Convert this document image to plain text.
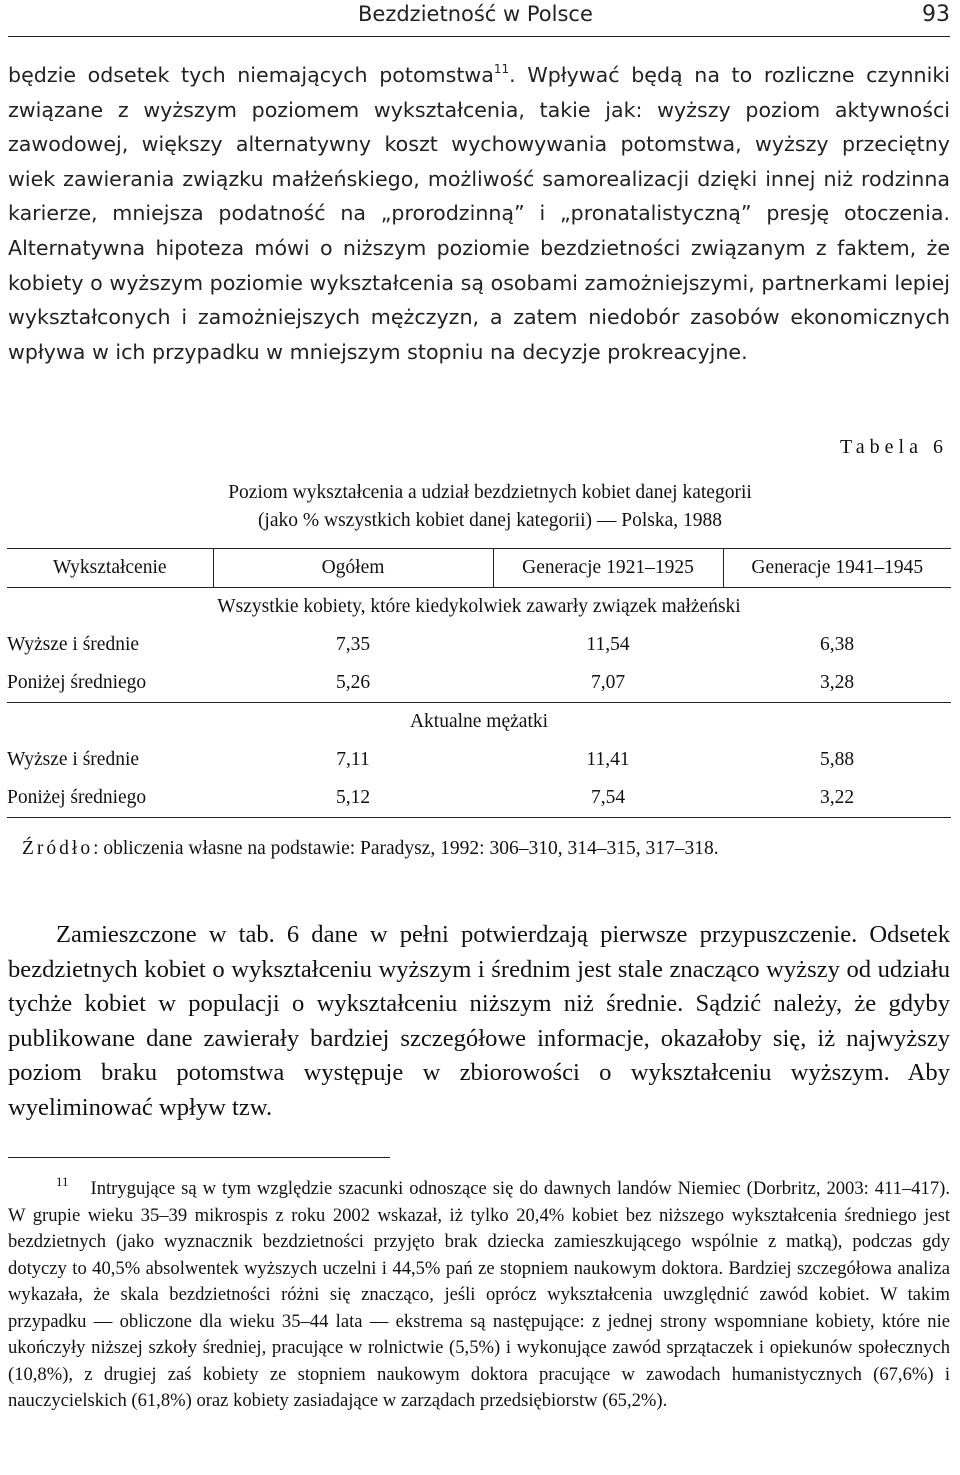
Bezdzietność w Polsce	93
będzie odsetek tych niemających potomstwa$^{11}$. Wpływać będą na to rozliczne czynniki związane z wyższym poziomem wykształcenia, takie jak: wyższy poziom aktywności zawodowej, większy alternatywny koszt wychowywania potomstwa, wyższy przeciętny wiek zawierania związku małżeńskiego, możliwość samorealizacji dzięki innej niż rodzinna karierze, mniejsza podatność na „prorodzinną” i „pronatalistyczną” presję otoczenia. Alternatywna hipoteza mówi o niższym poziomie bezdzietności związanym z faktem, że kobiety o wyższym poziomie wykształcenia są osobami zamożniejszymi, partnerkami lepiej wykształconych i zamożniejszych mężczyzn, a zatem niedobór zasobów ekonomicznych wpływa w ich przypadku w mniejszym stopniu na decyzje prokreacyjne.
Tabela 6
Poziom wykształcenia a udział bezdzietnych kobiet danej kategorii
(jako % wszystkich kobiet danej kategorii) — Polska, 1988
Wykształcenie	Ogółem	Generacje 1921–1925	Generacje 1941–1945
Wszystkie kobiety, które kiedykolwiek zawarły związek małżeński			
Wyższe i średnie	7,35	11,54	6,38
Poniżej średniego	5,26	7,07	3,28
Aktualne mężatki			
Wyższe i średnie	7,11	11,41	5,88
Poniżej średniego	5,12	7,54	3,22
Źródło: obliczenia własne na podstawie: Paradysz, 1992: 306–310, 314–315, 317–318.
Zamieszczone w tab. 6 dane w pełni potwierdzają pierwsze przypuszczenie. Odsetek bezdzietnych kobiet o wykształceniu wyższym i średnim jest stale znacząco wyższy od udziału tychże kobiet w populacji o wykształceniu niższym niż średnie. Sądzić należy, że gdyby publikowane dane zawierały bardziej szczegółowe informacje, okazałoby się, iż najwyższy poziom braku potomstwa występuje w zbiorowości o wykształceniu wyższym. Aby wyeliminować wpływ tzw.
11 Intrygujące są w tym względzie szacunki odnoszące się do dawnych landów Niemiec (Dorbritz, 2003: 411–417). W grupie wieku 35–39 mikrospis z roku 2002 wskazał, iż tylko 20,4% kobiet bez niższego wykształcenia średniego jest bezdzietnych (jako wyznacznik bezdzietności przyjęto brak dziecka zamieszkującego wspólnie z matką), podczas gdy dotyczy to 40,5% absolwentek wyższych uczelni i 44,5% pań ze stopniem naukowym doktora. Bardziej szczegółowa analiza wykazała, że skala bezdzietności różni się znacząco, jeśli oprócz wykształcenia uwzględnić zawód kobiet. W takim przypadku — obliczone dla wieku 35–44 lata — ekstrema są następujące: z jednej strony wspomniane kobiety, które nie ukończyły niższej szkoły średniej, pracujące w rolnictwie (5,5%) i wykonujące zawód sprzątaczek i opiekunów społecznych (10,8%), z drugiej zaś kobiety ze stopniem naukowym doktora pracujące w zawodach humanistycznych (67,6%) i nauczycielskich (61,8%) oraz kobiety zasiadające w zarządach przedsiębiorstw (65,2%).
